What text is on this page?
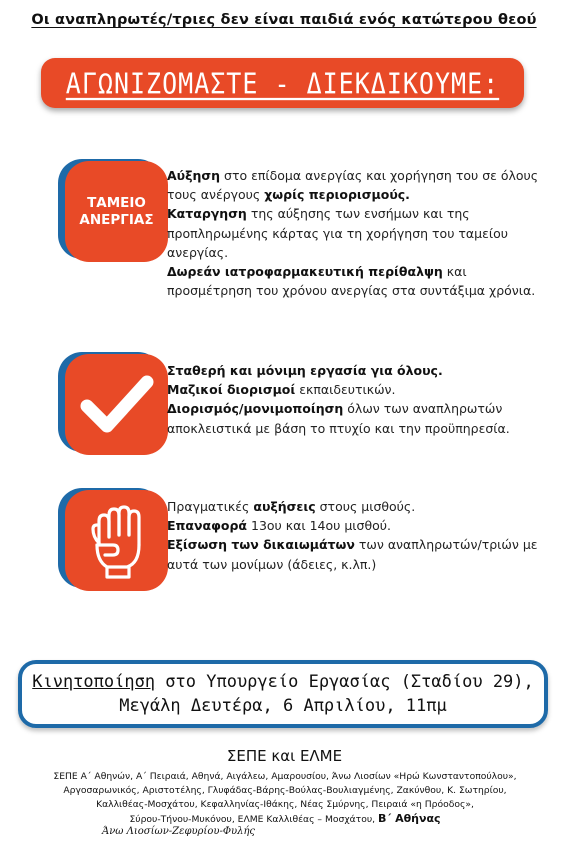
Οι αναπληρωτές/τριες δεν είναι παιδιά ενός κατώτερου θεού
ΑΓΩΝΙΖΟΜΑΣΤΕ - ΔΙΕΚΔΙΚΟΥΜΕ:
ΤΑΜΕΙΟ
ΑΝΕΡΓΙΑΣ

Αύξηση στο επίδομα ανεργίας και χορήγηση του σε όλους τους ανέργους χωρίς περιορισμούς.

Καταργηση της αύξησης των ενσήμων και της προπληρωμένης κάρτας για τη χορήγηση του ταμείου ανεργίας.

Δωρεάν ιατροφαρμακευτική περίθαλψη και προσμέτρηση του χρόνου ανεργίας στα συντάξιμα χρόνια.

Σταθερή και μόνιμη εργασία για όλους.

Μαζικοί διορισμοί εκπαιδευτικών.

Διορισμός/μονιμοποίηση όλων των αναπληρωτών αποκλειστικά με βάση το πτυχίο και την προϋπηρεσία.

Πραγματικές αυξήσεις στους μισθούς.

Επαναφορά 13ου και 14ου μισθού.

Εξίσωση των δικαιωμάτων των αναπληρωτών/τριών με αυτά των μονίμων (άδειες, κ.λπ.)

Κινητοποίηση στο Υπουργείο Εργασίας (Σταδίου 29),
Μεγάλη Δευτέρα, 6 Απριλίου, 11πμ
ΣΕΠΕ και ΕΛΜΕ
ΣΕΠΕ Α΄ Αθηνών, Α΄ Πειραιά, Αθηνά, Αιγάλεω, Αμαρουσίου, Άνω Λιοσίων «Ηρώ Κωνσταντοπούλου»,
Αργοσαρωνικός, Αριστοτέλης, Γλυφάδας-Βάρης-Βούλας-Βουλιαγμένης, Ζακύνθου, Κ. Σωτηρίου,
Καλλιθέας-Μοσχάτου, Κεφαλληνίας-Ιθάκης, Νέας Σμύρνης, Πειραιά «η Πρόοδος»,
Σύρου-Τήνου-Μυκόνου, ΕΛΜΕ Καλλιθέας – Μοσχάτου, Β΄ Αθήνας
Άνω Λιοσίων-Ζεφυρίου-Φυλής
